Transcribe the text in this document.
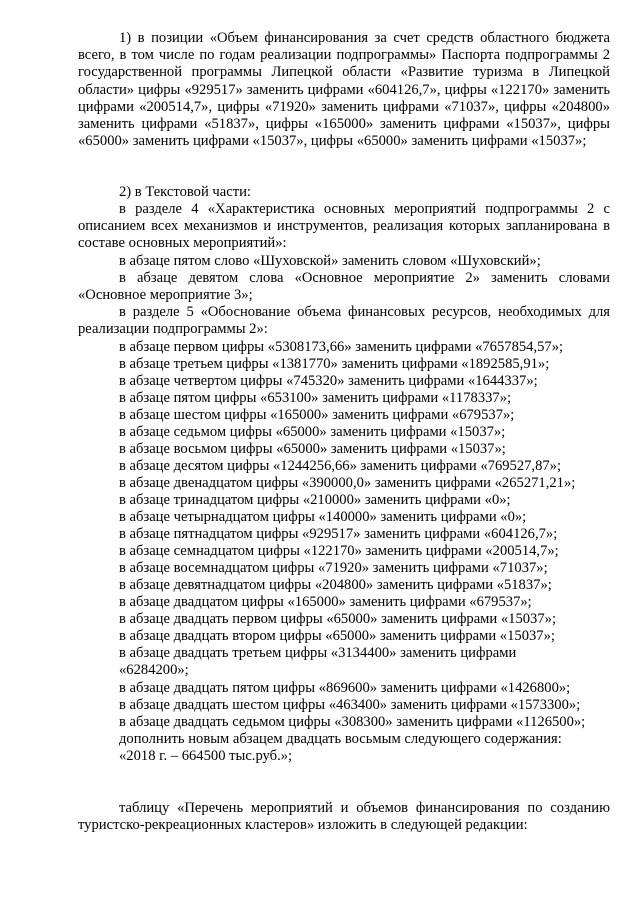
1) в позиции «Объем финансирования за счет средств областного бюджета всего, в том числе по годам реализации подпрограммы» Паспорта подпрограммы 2 государственной программы Липецкой области «Развитие туризма в Липецкой области» цифры «929517» заменить цифрами «604126,7», цифры «122170» заменить цифрами «200514,7», цифры «71920» заменить цифрами «71037», цифры «204800» заменить цифрами «51837», цифры «165000» заменить цифрами «15037», цифры «65000» заменить цифрами «15037», цифры «65000» заменить цифрами «15037»;

2) в Текстовой части:

в разделе 4 «Характеристика основных мероприятий подпрограммы 2 с описанием всех механизмов и инструментов, реализация которых запланирована в составе основных мероприятий»:

в абзаце пятом слово «Шуховской» заменить словом «Шуховский»;

в абзаце девятом слова «Основное мероприятие 2» заменить словами «Основное мероприятие 3»;

в разделе 5 «Обоснование объема финансовых ресурсов, необходимых для реализации подпрограммы 2»:

в абзаце первом цифры «5308173,66» заменить цифрами «7657854,57»;

в абзаце третьем цифры «1381770» заменить цифрами «1892585,91»;

в абзаце четвертом цифры «745320» заменить цифрами «1644337»;

в абзаце пятом цифры «653100» заменить цифрами «1178337»;

в абзаце шестом цифры «165000» заменить цифрами «679537»;

в абзаце седьмом цифры «65000» заменить цифрами «15037»;

в абзаце восьмом цифры «65000» заменить цифрами «15037»;

в абзаце десятом цифры «1244256,66» заменить цифрами «769527,87»;

в абзаце двенадцатом цифры «390000,0» заменить цифрами «265271,21»;

в абзаце тринадцатом цифры «210000» заменить цифрами «0»;

в абзаце четырнадцатом цифры «140000» заменить цифрами «0»;

в абзаце пятнадцатом цифры «929517» заменить цифрами «604126,7»;

в абзаце семнадцатом цифры «122170» заменить цифрами «200514,7»;

в абзаце восемнадцатом цифры «71920» заменить цифрами «71037»;

в абзаце девятнадцатом цифры «204800» заменить цифрами «51837»;

в абзаце двадцатом цифры «165000» заменить цифрами «679537»;

в абзаце двадцать первом цифры «65000» заменить цифрами «15037»;

в абзаце двадцать втором цифры «65000» заменить цифрами «15037»;

в абзаце двадцать третьем цифры «3134400» заменить цифрами «6284200»;

в абзаце двадцать пятом цифры «869600» заменить цифрами «1426800»;

в абзаце двадцать шестом цифры «463400» заменить цифрами «1573300»;

в абзаце двадцать седьмом цифры «308300» заменить цифрами «1126500»;

дополнить новым абзацем двадцать восьмым следующего содержания:

«2018 г. – 664500 тыс.руб.»;

таблицу «Перечень мероприятий и объемов финансирования по созданию туристско-рекреационных кластеров» изложить в следующей редакции:
